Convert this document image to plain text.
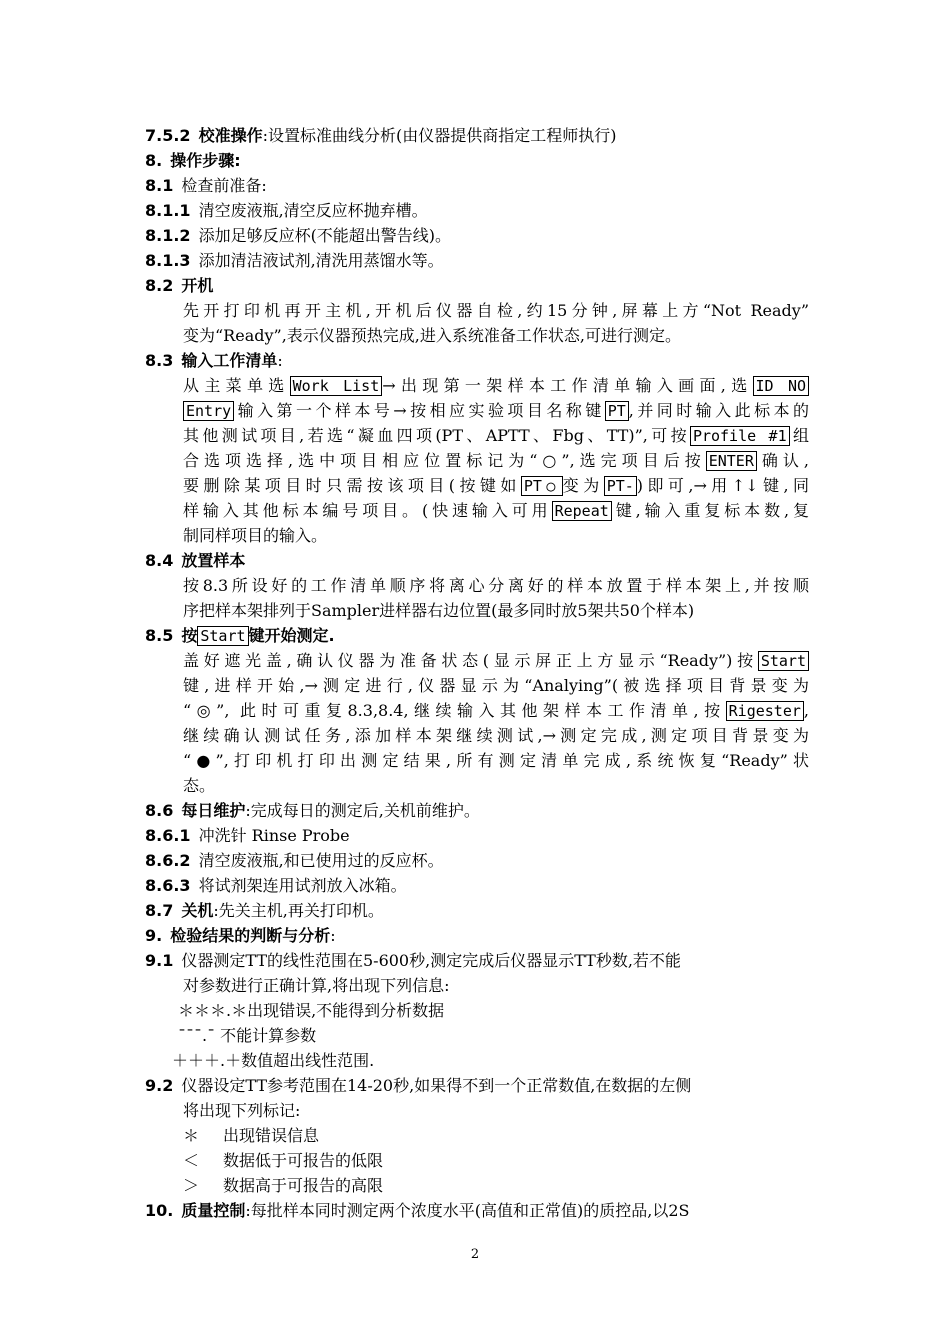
7.5.2 校准操作:设置标准曲线分析(由仪器提供商指定工程师执行)
8. 操作步骤:
8.1 检查前准备:
8.1.1 清空废液瓶,清空反应杯抛弃槽。
8.1.2 添加足够反应杯(不能超出警告线)。
8.1.3 添加清洁液试剂,清洗用蒸馏水等。
8.2 开机
先开打印机再开主机,开机后仪器自检,约15分钟,屏幕上方“Not Ready”
变为“Ready”,表示仪器预热完成,进入系统准备工作状态,可进行测定。
8.3 输入工作清单:
从主菜单选 Work List →出现第一架样本工作清单输入画面,选 ID NO
Entry 输入第一个样本号→按相应实验项目名称键 PT ,并同时输入此标本的
其他测试项目,若选“凝血四项(PT、APTT、Fbg、TT)”,可按 Profile #1 组
合选项选择,选中项目相应位置标记为“○”,选完项目后按 ENTER 确认,
要删除某项目时只需按该项目(按键如 PT○ 变为 PT- )即可,→用↑↓键,同
样输入其他标本编号项目。(快速输入可用 Repeat 键,输入重复标本数,复
制同样项目的输入。
8.4 放置样本
按8.3所设好的工作清单顺序将离心分离好的样本放置于样本架上,并按顺
序把样本架排列于Sampler进样器右边位置(最多同时放5架共50个样本)
8.5 按 Start 键开始测定.
盖好遮光盖,确认仪器为准备状态(显示屏正上方显示“Ready”)按 Start
键,进样开始,→测定进行,仪器显示为“Analying”(被选择项目背景变为
“◎”, 此时可重复8.3,8.4,继续输入其他架样本工作清单,按 Rigester ,
继续确认测试任务,添加样本架继续测试,→测定完成,测定项目背景变为
“●”,打印机打印出测定结果,所有测定清单完成,系统恢复“Ready”状
态。
8.6 每日维护:完成每日的测定后,关机前维护。
8.6.1 冲洗针 Rinse Probe
8.6.2 清空废液瓶,和已使用过的反应杯。
8.6.3 将试剂架连用试剂放入冰箱。
8.7 关机:先关主机,再关打印机。
9. 检验结果的判断与分析:
9.1 仪器测定TT的线性范围在5-600秒,测定完成后仪器显示TT秒数,若不能
对参数进行正确计算,将出现下列信息:
＊＊＊.＊出现错误,不能得到分析数据
¯¯¯.¯ 不能计算参数
＋＋＋.＋数值超出线性范围.
9.2 仪器设定TT参考范围在14-20秒,如果得不到一个正常数值,在数据的左侧
将出现下列标记:
＊ 出现错误信息
＜ 数据低于可报告的低限
＞ 数据高于可报告的高限
10. 质量控制:每批样本同时测定两个浓度水平(高值和正常值)的质控品,以2S
2
